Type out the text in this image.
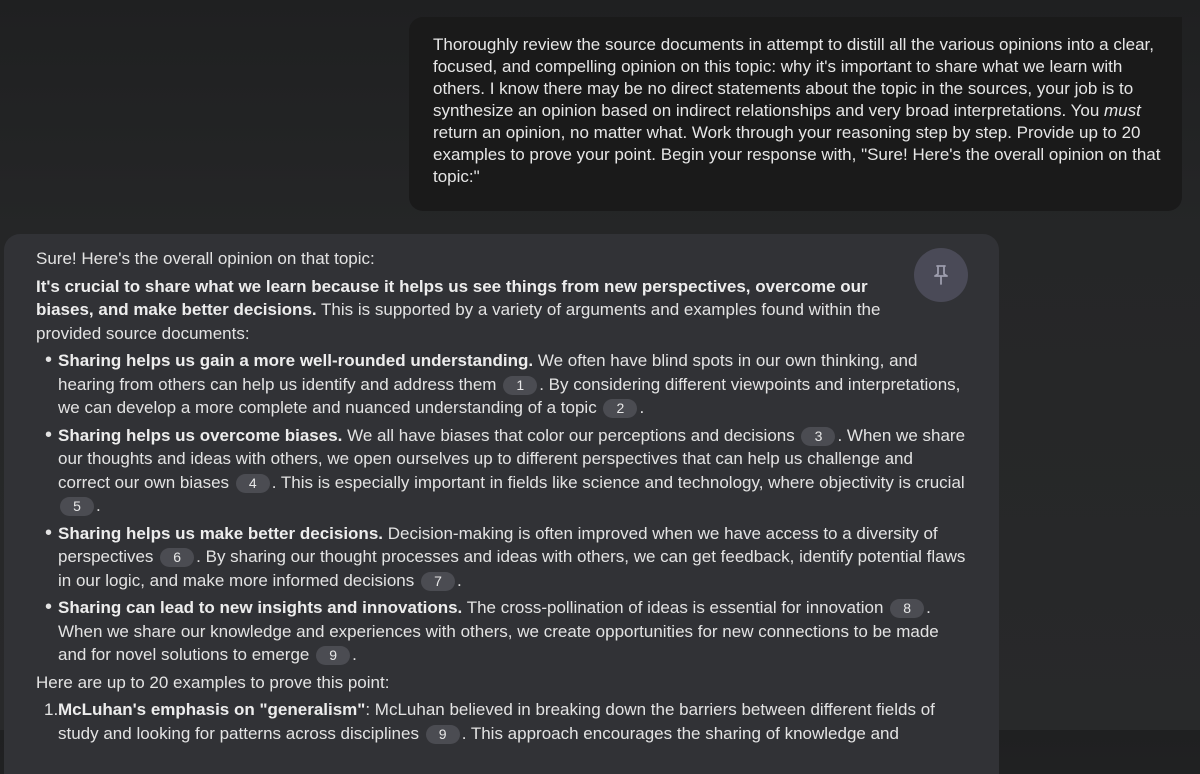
Thoroughly review the source documents in attempt to distill all the various opinions into a clear, focused, and compelling opinion on this topic: why it's important to share what we learn with others. I know there may be no direct statements about the topic in the sources, your job is to synthesize an opinion based on indirect relationships and very broad interpretations. You must return an opinion, no matter what. Work through your reasoning step by step. Provide up to 20 examples to prove your point. Begin your response with, "Sure! Here's the overall opinion on that topic:"

Sure! Here's the overall opinion on that topic:

It's crucial to share what we learn because it helps us see things from new perspectives, overcome our biases, and make better decisions. This is supported by a variety of arguments and examples found within the provided source documents:

• Sharing helps us gain a more well-rounded understanding. We often have blind spots in our own thinking, and hearing from others can help us identify and address them 1 . By considering different viewpoints and interpretations, we can develop a more complete and nuanced understanding of a topic 2 .
• Sharing helps us overcome biases. We all have biases that color our perceptions and decisions 3 . When we share our thoughts and ideas with others, we open ourselves up to different perspectives that can help us challenge and correct our own biases 4 . This is especially important in fields like science and technology, where objectivity is crucial 5 .
• Sharing helps us make better decisions. Decision-making is often improved when we have access to a diversity of perspectives 6 . By sharing our thought processes and ideas with others, we can get feedback, identify potential flaws in our logic, and make more informed decisions 7 .
• Sharing can lead to new insights and innovations. The cross-pollination of ideas is essential for innovation 8 . When we share our knowledge and experiences with others, we create opportunities for new connections to be made and for novel solutions to emerge 9 .

Here are up to 20 examples to prove this point:

1. McLuhan's emphasis on "generalism": McLuhan believed in breaking down the barriers between different fields of study and looking for patterns across disciplines 9 . This approach encourages the sharing of knowledge and
